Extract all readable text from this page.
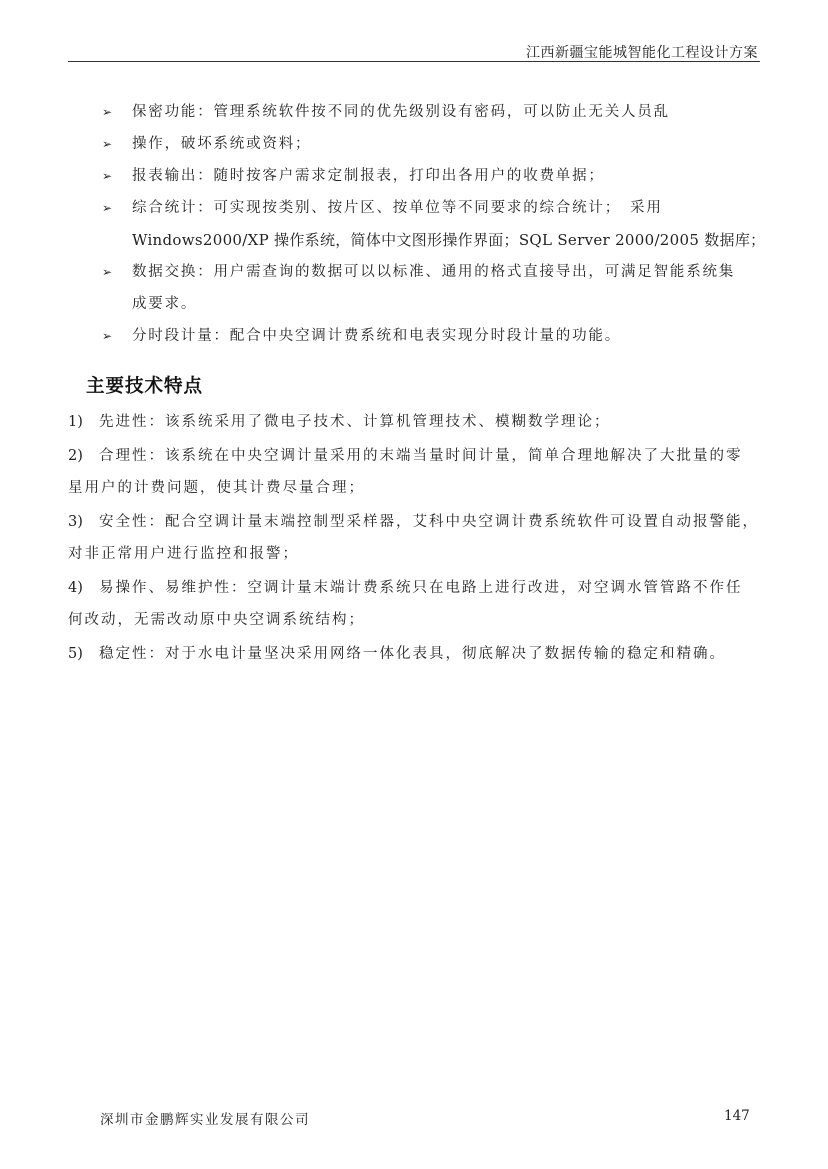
江西新疆宝能城智能化工程设计方案
➢ 保密功能：管理系统软件按不同的优先级别设有密码，可以防止无关人员乱
➢ 操作，破坏系统或资料；
➢ 报表输出：随时按客户需求定制报表，打印出各用户的收费单据；
➢ 综合统计：可实现按类别、按片区、按单位等不同要求的综合统计；　采用
Windows2000/XP 操作系统，简体中文图形操作界面；SQL Server 2000/2005 数据库；
➢ 数据交换：用户需查询的数据可以以标准、通用的格式直接导出，可满足智能系统集
成要求。
➢ 分时段计量：配合中央空调计费系统和电表实现分时段计量的功能。
主要技术特点
1) 先进性：该系统采用了微电子技术、计算机管理技术、模糊数学理论；
2) 合理性：该系统在中央空调计量采用的末端当量时间计量，简单合理地解决了大批量的零
星用户的计费问题，使其计费尽量合理；
3) 安全性：配合空调计量末端控制型采样器，艾科中央空调计费系统软件可设置自动报警能，
对非正常用户进行监控和报警；
4) 易操作、易维护性：空调计量末端计费系统只在电路上进行改进，对空调水管管路不作任
何改动，无需改动原中央空调系统结构；
5) 稳定性：对于水电计量坚决采用网络一体化表具，彻底解决了数据传输的稳定和精确。
深圳市金鹏辉实业发展有限公司	147
